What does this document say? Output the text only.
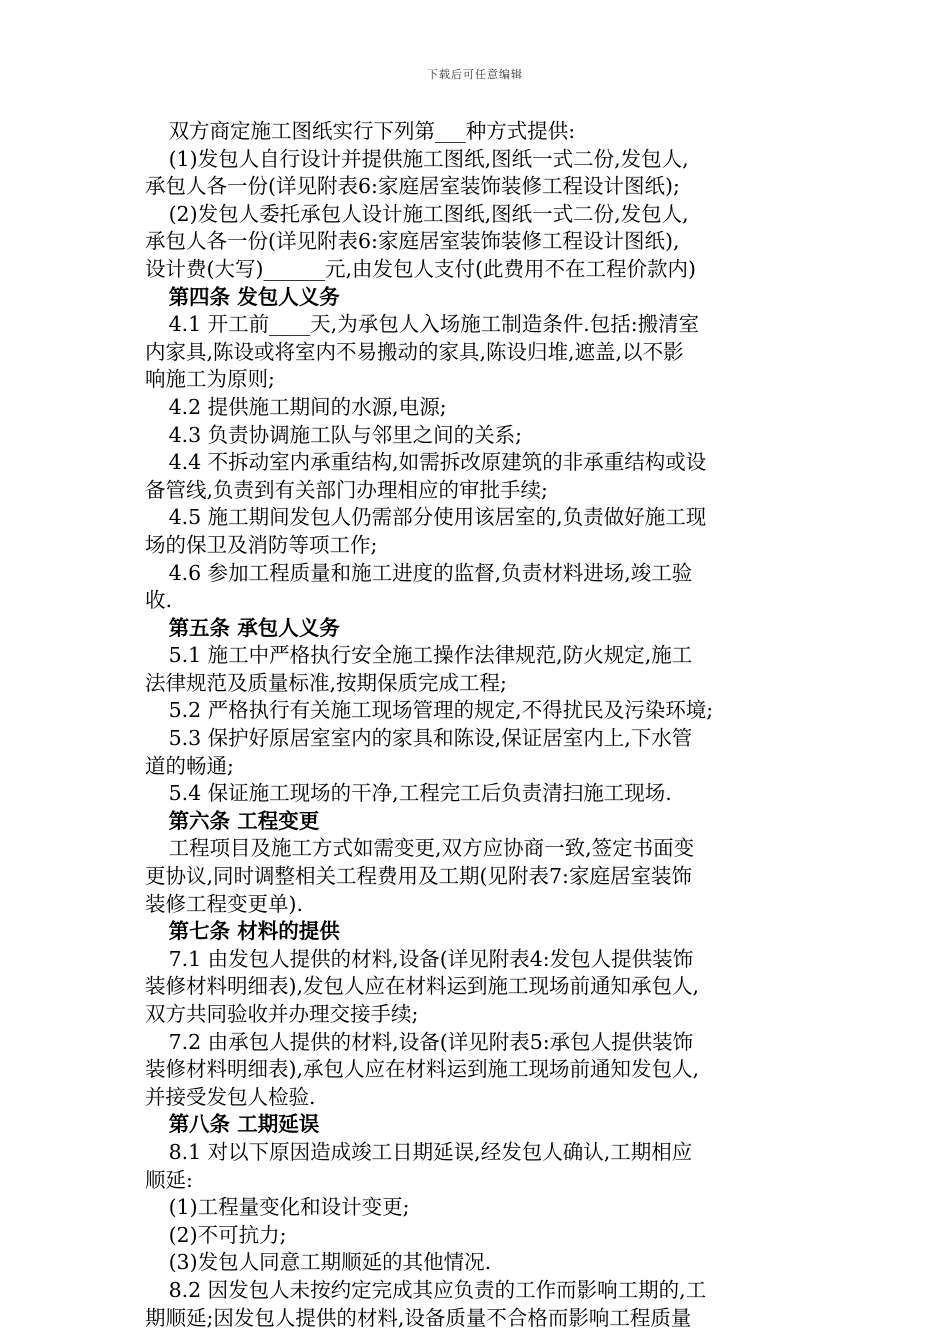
下载后可任意编辑

双方商定施工图纸实行下列第___种方式提供:

(1)发包人自行设计并提供施工图纸,图纸一式二份,发包人,

承包人各一份(详见附表6:家庭居室装饰装修工程设计图纸);

(2)发包人委托承包人设计施工图纸,图纸一式二份,发包人,

承包人各一份(详见附表6:家庭居室装饰装修工程设计图纸),

设计费(大写)______元,由发包人支付(此费用不在工程价款内)

第四条 发包人义务

4.1 开工前____天,为承包人入场施工制造条件.包括:搬清室

内家具,陈设或将室内不易搬动的家具,陈设归堆,遮盖,以不影

响施工为原则;

4.2 提供施工期间的水源,电源;

4.3 负责协调施工队与邻里之间的关系;

4.4 不拆动室内承重结构,如需拆改原建筑的非承重结构或设

备管线,负责到有关部门办理相应的审批手续;

4.5 施工期间发包人仍需部分使用该居室的,负责做好施工现

场的保卫及消防等项工作;

4.6 参加工程质量和施工进度的监督,负责材料进场,竣工验

收.

第五条 承包人义务

5.1 施工中严格执行安全施工操作法律规范,防火规定,施工

法律规范及质量标准,按期保质完成工程;

5.2 严格执行有关施工现场管理的规定,不得扰民及污染环境;

5.3 保护好原居室室内的家具和陈设,保证居室内上,下水管

道的畅通;

5.4 保证施工现场的干净,工程完工后负责清扫施工现场.

第六条 工程变更

工程项目及施工方式如需变更,双方应协商一致,签定书面变

更协议,同时调整相关工程费用及工期(见附表7:家庭居室装饰

装修工程变更单).

第七条 材料的提供

7.1 由发包人提供的材料,设备(详见附表4:发包人提供装饰

装修材料明细表),发包人应在材料运到施工现场前通知承包人,

双方共同验收并办理交接手续;

7.2 由承包人提供的材料,设备(详见附表5:承包人提供装饰

装修材料明细表),承包人应在材料运到施工现场前通知发包人,

并接受发包人检验.

第八条 工期延误

8.1 对以下原因造成竣工日期延误,经发包人确认,工期相应

顺延:

(1)工程量变化和设计变更;

(2)不可抗力;

(3)发包人同意工期顺延的其他情况.

8.2 因发包人未按约定完成其应负责的工作而影响工期的,工

期顺延;因发包人提供的材料,设备质量不合格而影响工程质量
